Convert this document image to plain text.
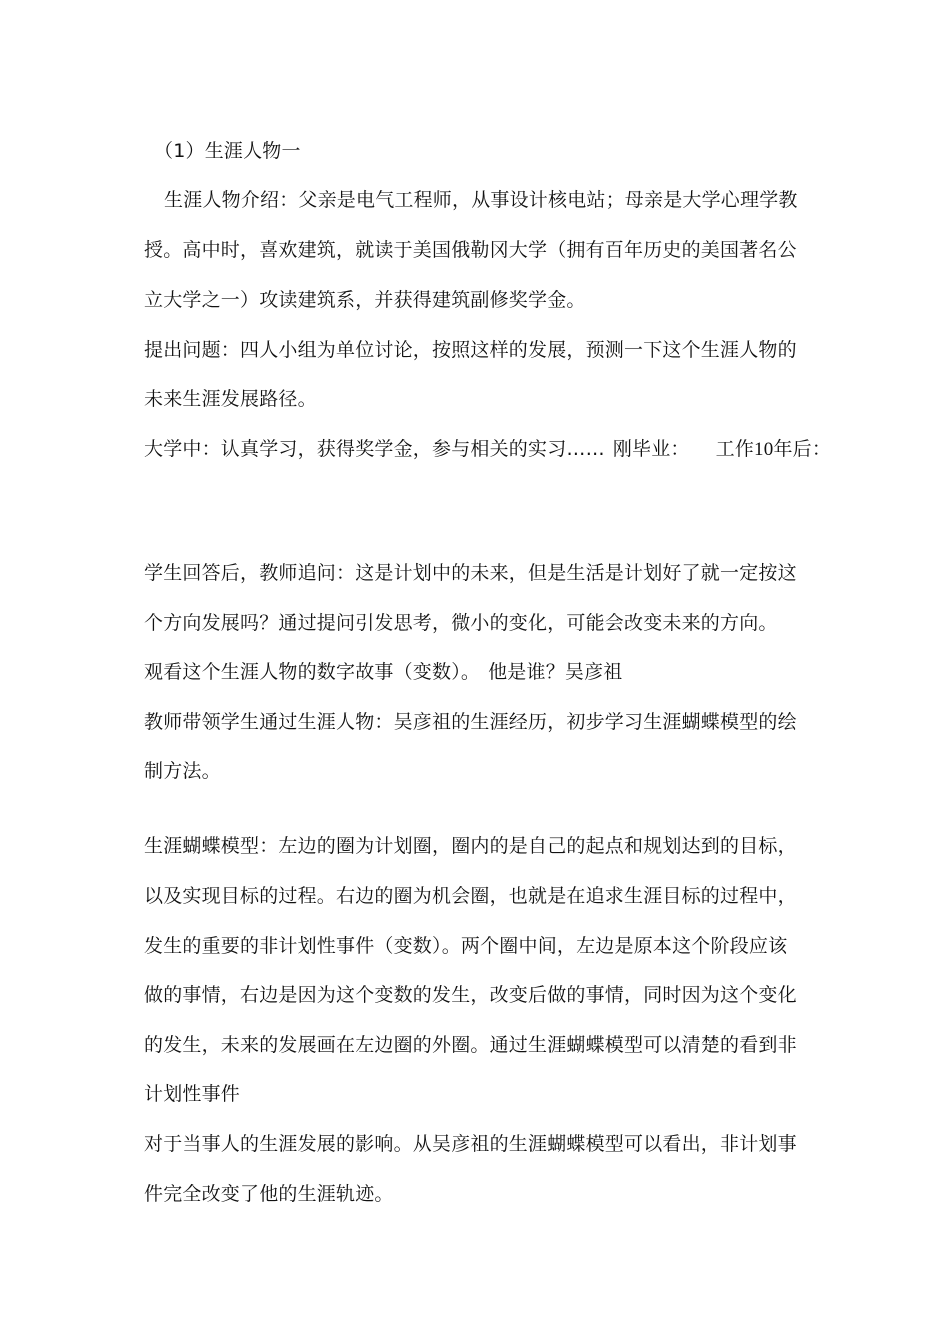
（1）生涯人物一
生涯人物介绍：父亲是电气工程师，从事设计核电站；母亲是大学心理学教
授。高中时，喜欢建筑，就读于美国俄勒冈大学（拥有百年历史的美国著名公
立大学之一）攻读建筑系，并获得建筑副修奖学金。
提出问题：四人小组为单位讨论，按照这样的发展，预测一下这个生涯人物的
未来生涯发展路径。
大学中：认真学习，获得奖学金，参与相关的实习…… 刚毕业： 工作10年后：
学生回答后，教师追问：这是计划中的未来，但是生活是计划好了就一定按这
个方向发展吗？通过提问引发思考，微小的变化，可能会改变未来的方向。
观看这个生涯人物的数字故事（变数）。 他是谁？吴彦祖
教师带领学生通过生涯人物：吴彦祖的生涯经历，初步学习生涯蝴蝶模型的绘
制方法。
生涯蝴蝶模型：左边的圈为计划圈，圈内的是自己的起点和规划达到的目标，
以及实现目标的过程。右边的圈为机会圈，也就是在追求生涯目标的过程中，
发生的重要的非计划性事件（变数）。两个圈中间，左边是原本这个阶段应该
做的事情，右边是因为这个变数的发生，改变后做的事情，同时因为这个变化
的发生，未来的发展画在左边圈的外圈。通过生涯蝴蝶模型可以清楚的看到非
计划性事件
对于当事人的生涯发展的影响。从吴彦祖的生涯蝴蝶模型可以看出，非计划事
件完全改变了他的生涯轨迹。
